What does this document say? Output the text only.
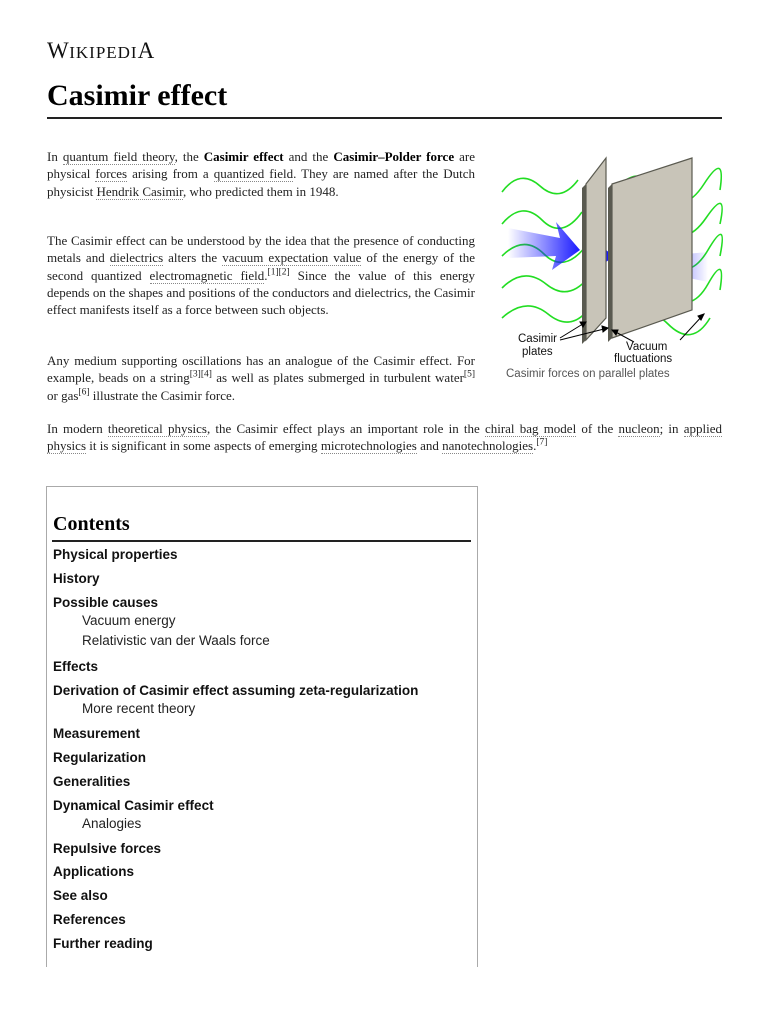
WIKIPEDIA
Casimir effect

In quantum field theory, the Casimir effect and the Casimir–Polder force are physical forces arising from a quantized field. They are named after the Dutch physicist Hendrik Casimir, who predicted them in 1948.

The Casimir effect can be understood by the idea that the presence of conducting metals and dielectrics alters the vacuum expectation value of the energy of the second quantized electromagnetic field.[1][2] Since the value of this energy depends on the shapes and positions of the conductors and dielectrics, the Casimir effect manifests itself as a force between such objects.

Any medium supporting oscillations has an analogue of the Casimir effect. For example, beads on a string[3][4] as well as plates submerged in turbulent water[5] or gas[6] illustrate the Casimir force.

In modern theoretical physics, the Casimir effect plays an important role in the chiral bag model of the nucleon; in applied physics it is significant in some aspects of emerging microtechnologies and nanotechnologies.[7]

Casimir
plates	Vacuum
fluctuations
Casimir forces on parallel plates
Contents
Physical properties
History
Possible causes
Vacuum energy
Relativistic van der Waals force
Effects
Derivation of Casimir effect assuming zeta-regularization
More recent theory
Measurement
Regularization
Generalities
Dynamical Casimir effect
Analogies
Repulsive forces
Applications
See also
References
Further reading
